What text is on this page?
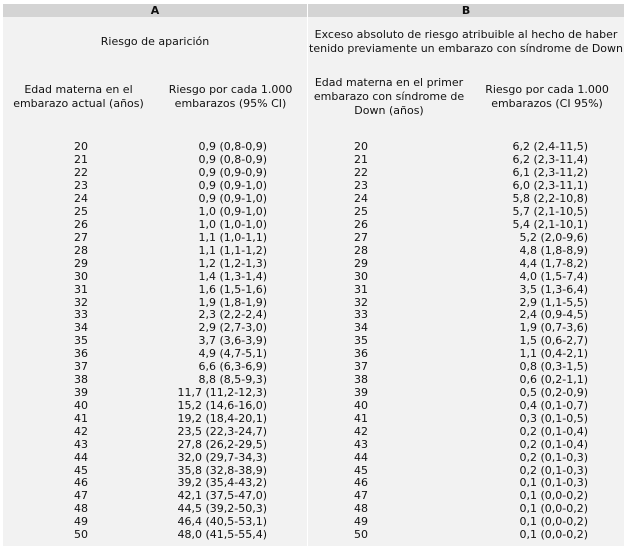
A		B	
Riesgo de aparición		Exceso absoluto de riesgo atribuible al hecho de haber tenido previamente un embarazo con síndrome de Down	
Edad materna en el embarazo actual (años)	Riesgo por cada 1.000 embarazos (95% CI)	Edad materna en el primer embarazo con síndrome de Down (años)	Riesgo por cada 1.000 embarazos (CI 95%)

20	0,9 (0,8-0,9)	20	6,2 (2,4-11,5)
21	0,9 (0,8-0,9)	21	6,2 (2,3-11,4)
22	0,9 (0,9-0,9)	22	6,1 (2,3-11,2)
23	0,9 (0,9-1,0)	23	6,0 (2,3-11,1)
24	0,9 (0,9-1,0)	24	5,8 (2,2-10,8)
25	1,0 (0,9-1,0)	25	5,7 (2,1-10,5)
26	1,0 (1,0-1,0)	26	5,4 (2,1-10,1)
27	1,1 (1,0-1,1)	27	5,2 (2,0-9,6)
28	1,1 (1,1-1,2)	28	4,8 (1,8-8,9)
29	1,2 (1,2-1,3)	29	4,4 (1,7-8,2)
30	1,4 (1,3-1,4)	30	4,0 (1,5-7,4)
31	1,6 (1,5-1,6)	31	3,5 (1,3-6,4)
32	1,9 (1,8-1,9)	32	2,9 (1,1-5,5)
33	2,3 (2,2-2,4)	33	2,4 (0,9-4,5)
34	2,9 (2,7-3,0)	34	1,9 (0,7-3,6)
35	3,7 (3,6-3,9)	35	1,5 (0,6-2,7)
36	4,9 (4,7-5,1)	36	1,1 (0,4-2,1)
37	6,6 (6,3-6,9)	37	0,8 (0,3-1,5)
38	8,8 (8,5-9,3)	38	0,6 (0,2-1,1)
39	11,7 (11,2-12,3)	39	0,5 (0,2-0,9)
40	15,2 (14,6-16,0)	40	0,4 (0,1-0,7)
41	19,2 (18,4-20,1)	41	0,3 (0,1-0,5)
42	23,5 (22,3-24,7)	42	0,2 (0,1-0,4)
43	27,8 (26,2-29,5)	43	0,2 (0,1-0,4)
44	32,0 (29,7-34,3)	44	0,2 (0,1-0,3)
45	35,8 (32,8-38,9)	45	0,2 (0,1-0,3)
46	39,2 (35,4-43,2)	46	0,1 (0,1-0,3)
47	42,1 (37,5-47,0)	47	0,1 (0,0-0,2)
48	44,5 (39,2-50,3)	48	0,1 (0,0-0,2)
49	46,4 (40,5-53,1)	49	0,1 (0,0-0,2)
50	48,0 (41,5-55,4)	50	0,1 (0,0-0,2)
